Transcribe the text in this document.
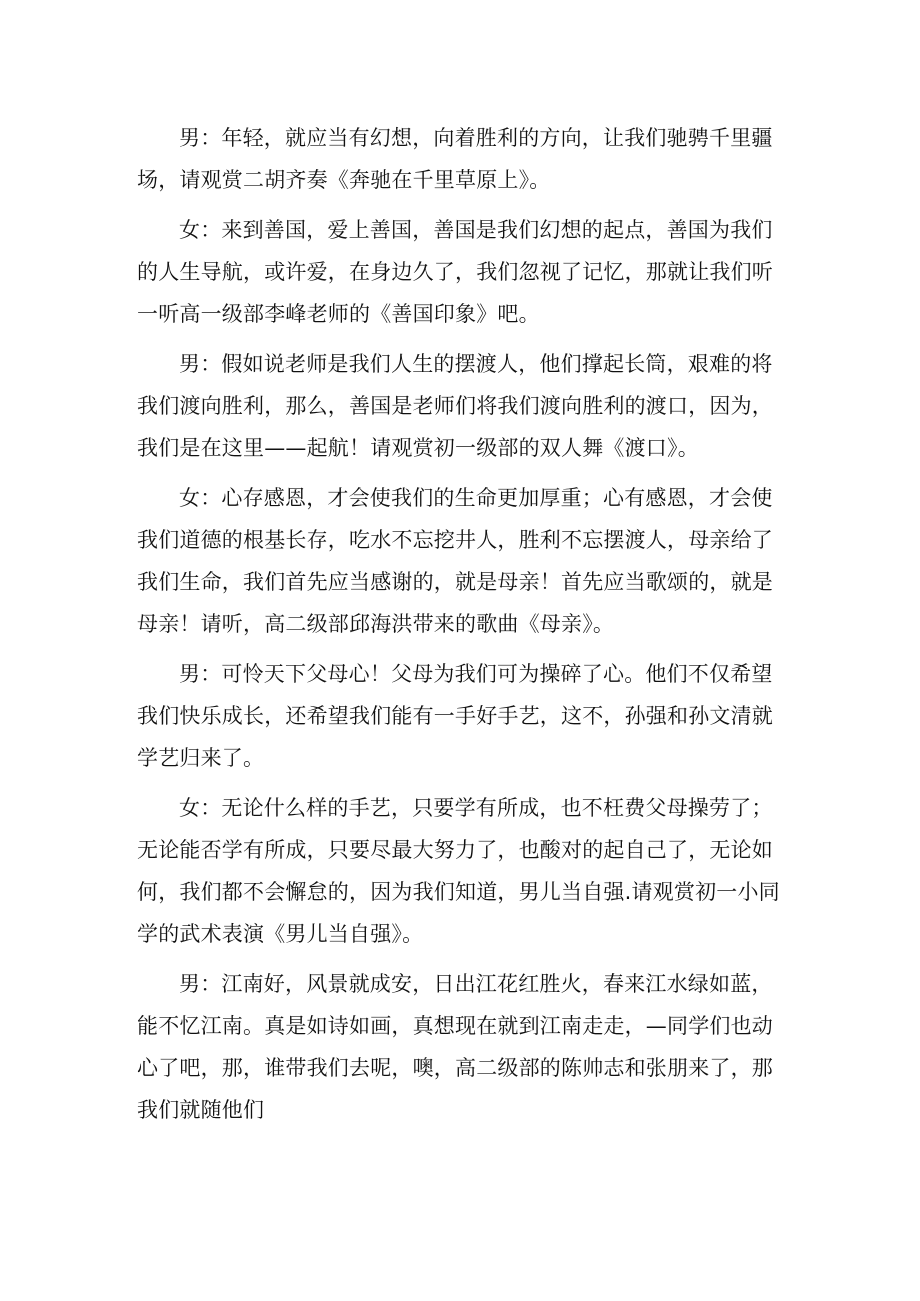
男：年轻，就应当有幻想，向着胜利的方向，让我们驰骋千里疆场，请观赏二胡齐奏《奔驰在千里草原上》。

女：来到善国，爱上善国，善国是我们幻想的起点，善国为我们的人生导航，或许爱，在身边久了，我们忽视了记忆，那就让我们听一听高一级部李峰老师的《善国印象》吧。

男：假如说老师是我们人生的摆渡人，他们撑起长筒，艰难的将我们渡向胜利，那么，善国是老师们将我们渡向胜利的渡口，因为，我们是在这里——起航！请观赏初一级部的双人舞《渡口》。

女：心存感恩，才会使我们的生命更加厚重；心有感恩，才会使我们道德的根基长存，吃水不忘挖井人，胜利不忘摆渡人，母亲给了我们生命，我们首先应当感谢的，就是母亲！首先应当歌颂的，就是母亲！请听，高二级部邱海洪带来的歌曲《母亲》。

男：可怜天下父母心！父母为我们可为操碎了心。他们不仅希望我们快乐成长，还希望我们能有一手好手艺，这不，孙强和孙文清就学艺归来了。

女：无论什么样的手艺，只要学有所成，也不枉费父母操劳了；无论能否学有所成，只要尽最大努力了，也酸对的起自己了，无论如何，我们都不会懈怠的，因为我们知道，男儿当自强.请观赏初一小同学的武术表演《男儿当自强》。

男：江南好，风景就成安，日出江花红胜火，春来江水绿如蓝，能不忆江南。真是如诗如画，真想现在就到江南走走，—同学们也动心了吧，那，谁带我们去呢，噢，高二级部的陈帅志和张朋来了，那我们就随他们
